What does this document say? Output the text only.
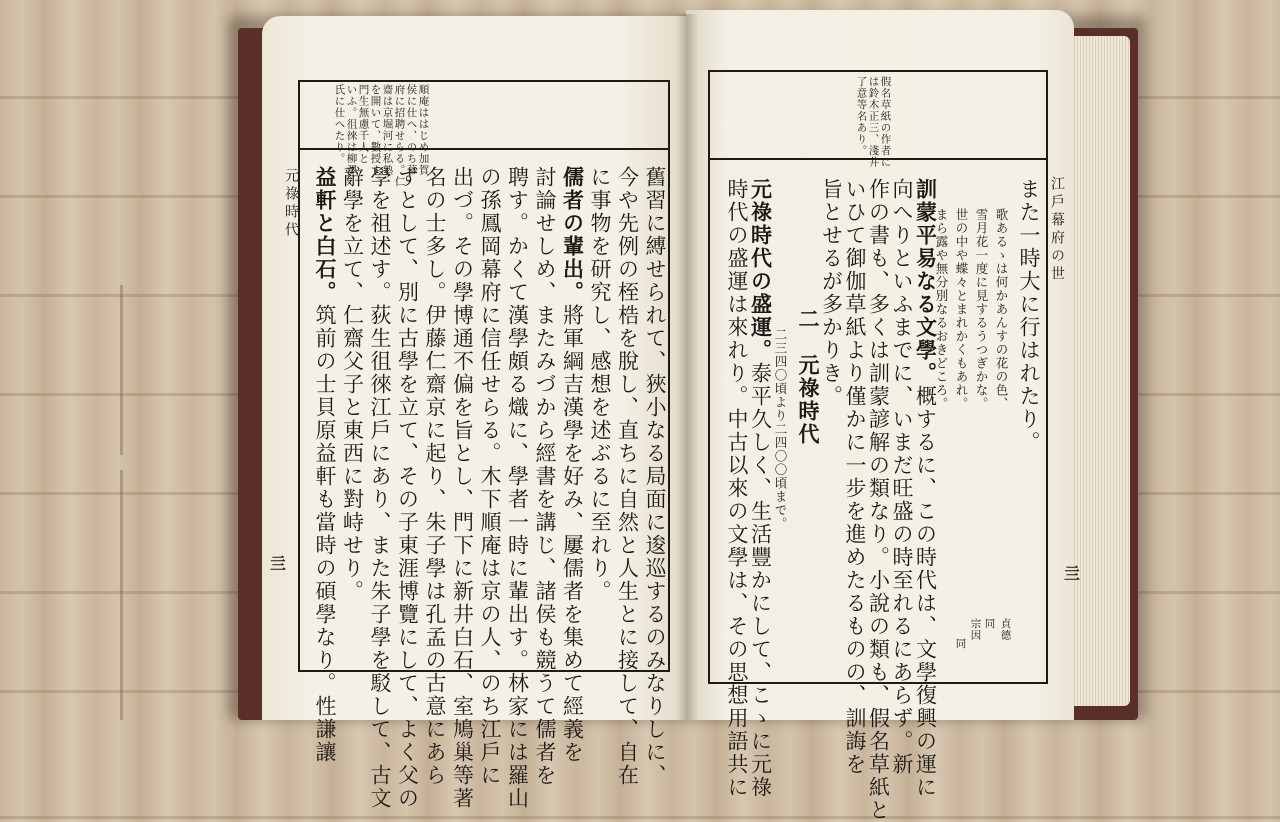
順庵ははじめ加賀
侯に仕へ、のち幕
府に招聘せらる。仁
齋は京堀河に私塾
を開いて、數授す。
門生無慮千人と
いふ。徂徠は柳澤
氏に仕へたり。
舊習に縛せられて、狹小なる局面に逡巡するのみなりしに、
今や先例の桎梏を脫し、直ちに自然と人生とに接して、自在
に事物を研究し、感想を述ぶるに至れり。
儒者の輩出。將軍綱吉漢學を好み、屢儒者を集めて經義を
討論せしめ、またみづから經書を講じ、諸侯も競うて儒者を
聘す。かくて漢學頗る熾に、學者一時に輩出す。林家には羅山
の孫鳳岡幕府に信任せらる。木下順庵は京の人、のち江戶に
出づ。その學博通不偏を旨とし、門下に新井白石、室鳩巢等著
名の士多し。伊藤仁齋京に起り、朱子學は孔孟の古意にあら
ずとして、別に古學を立て、その子東涯博覽にして、よく父の
學を祖述す。荻生徂徠江戶にあり、また朱子學を駁して、古文
辭學を立て、仁齋父子と東西に對峙せり。
益軒と白石。筑前の士貝原益軒も當時の碩學なり。性謙讓
元祿時代
亖
假名草紙の作者に
は鈴木正三、淺井
了意等名あり。
また一時大に行はれたり。
歌あるゝは何かあんすの花の色、
雪月花一度に見するうつぎかな。
世の中や蝶々とまれかくもあれ。
まら露や無分別なるおきどころ。
訓蒙平易なる文學。概するに、この時代は、文學復興の運に
向へりといふまでに、いまだ旺盛の時至れるにあらず。新
作の書も、多くは訓蒙諺解の類なり。小說の類も、假名草紙と
いひて御伽草紙より僅かに一步を進めたるものの、訓誨を
旨とせるが多かりき。
二　元祿時代
二三四〇頃より二四〇〇頃まで。
元祿時代の盛運。泰平久しく、生活豐かにして、こゝに元祿
時代の盛運は來れり。中古以來の文學は、その思想用語共に	貞德
同
宗因
同
江戶幕府の世
亖
